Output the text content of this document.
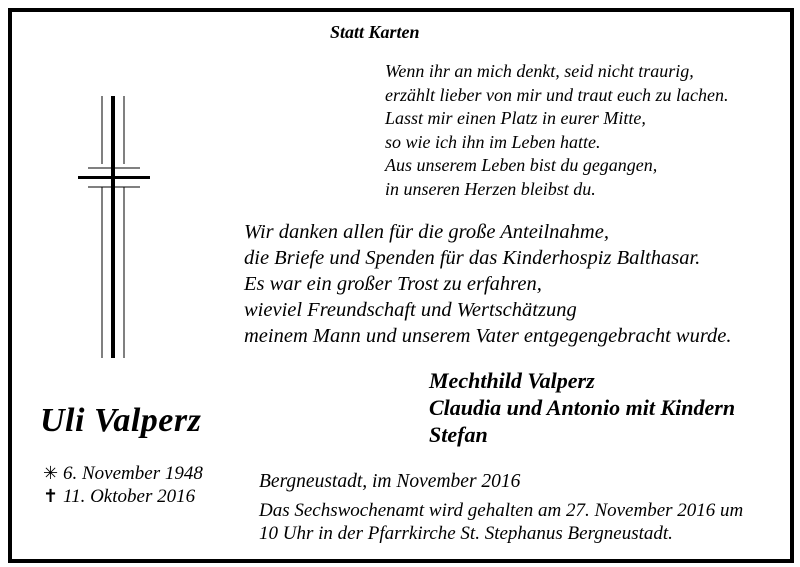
Statt Karten
Wenn ihr an mich denkt, seid nicht traurig,
erzählt lieber von mir und traut euch zu lachen.
Lasst mir einen Platz in eurer Mitte,
so wie ich ihn im Leben hatte.
Aus unserem Leben bist du gegangen,
in unseren Herzen bleibst du.
Wir danken allen für die große Anteilnahme,
die Briefe und Spenden für das Kinderhospiz Balthasar.
Es war ein großer Trost zu erfahren,
wieviel Freundschaft und Wertschätzung
meinem Mann und unserem Vater entgegengebracht wurde.
Mechthild Valperz
Claudia und Antonio mit Kindern
Stefan
Uli Valperz
✳ 6. November 1948
✝ 11. Oktober 2016
Bergneustadt, im November 2016
Das Sechswochenamt wird gehalten am 27. November 2016 um
10 Uhr in der Pfarrkirche St. Stephanus Bergneustadt.
